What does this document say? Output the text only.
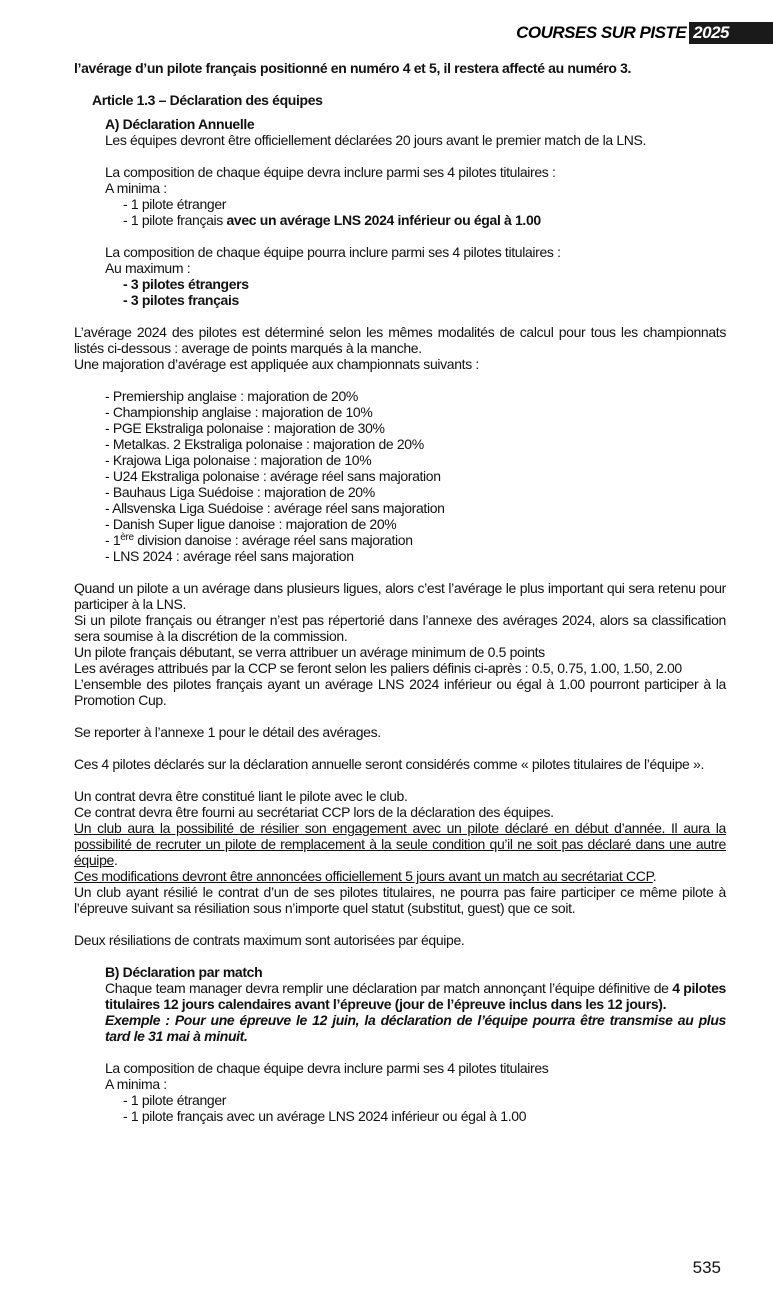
COURSES SUR PISTE 2025

l’avérage d’un pilote français positionné en numéro 4 et 5, il restera affecté au numéro 3.

Article 1.3 – Déclaration des équipes

A) Déclaration Annuelle

Les équipes devront être officiellement déclarées 20 jours avant le premier match de la LNS.

La composition de chaque équipe devra inclure parmi ses 4 pilotes titulaires :

A minima :

- 1 pilote étranger

- 1 pilote français avec un avérage LNS 2024 inférieur ou égal à 1.00

La composition de chaque équipe pourra inclure parmi ses 4 pilotes titulaires :

Au maximum :

- 3 pilotes étrangers

- 3 pilotes français

L’avérage 2024 des pilotes est déterminé selon les mêmes modalités de calcul pour tous les championnats listés ci-dessous : average de points marqués à la manche.

Une majoration d’avérage est appliquée aux championnats suivants :

- Premiership anglaise : majoration de 20%

- Championship anglaise : majoration de 10%

- PGE Ekstraliga polonaise : majoration de 30%

- Metalkas. 2 Ekstraliga polonaise : majoration de 20%

- Krajowa Liga polonaise : majoration de 10%

- U24 Ekstraliga polonaise : avérage réel sans majoration

- Bauhaus Liga Suédoise : majoration de 20%

- Allsvenska Liga Suédoise : avérage réel sans majoration

- Danish Super ligue danoise : majoration de 20%

- 1ère division danoise : avérage réel sans majoration

- LNS 2024 : avérage réel sans majoration

Quand un pilote a un avérage dans plusieurs ligues, alors c’est l’avérage le plus important qui sera retenu pour participer à la LNS.

Si un pilote français ou étranger n’est pas répertorié dans l’annexe des avérages 2024, alors sa classification sera soumise à la discrétion de la commission.

Un pilote français débutant, se verra attribuer un avérage minimum de 0.5 points

Les avérages attribués par la CCP se feront selon les paliers définis ci-après : 0.5, 0.75, 1.00, 1.50, 2.00

L’ensemble des pilotes français ayant un avérage LNS 2024 inférieur ou égal à 1.00 pourront participer à la Promotion Cup.

Se reporter à l’annexe 1 pour le détail des avérages.

Ces 4 pilotes déclarés sur la déclaration annuelle seront considérés comme « pilotes titulaires de l’équipe ».

Un contrat devra être constitué liant le pilote avec le club.

Ce contrat devra être fourni au secrétariat CCP lors de la déclaration des équipes.

Un club aura la possibilité de résilier son engagement avec un pilote déclaré en début d’année. Il aura la possibilité de recruter un pilote de remplacement à la seule condition qu’il ne soit pas déclaré dans une autre équipe.

Ces modifications devront être annoncées officiellement 5 jours avant un match au secrétariat CCP.

Un club ayant résilié le contrat d’un de ses pilotes titulaires, ne pourra pas faire participer ce même pilote à l’épreuve suivant sa résiliation sous n’importe quel statut (substitut, guest) que ce soit.

Deux résiliations de contrats maximum sont autorisées par équipe.

B) Déclaration par match

Chaque team manager devra remplir une déclaration par match annonçant l’équipe définitive de 4 pilotes titulaires 12 jours calendaires avant l’épreuve (jour de l’épreuve inclus dans les 12 jours).

Exemple : Pour une épreuve le 12 juin, la déclaration de l’équipe pourra être transmise au plus tard le 31 mai à minuit.

La composition de chaque équipe devra inclure parmi ses 4 pilotes titulaires

A minima :

- 1 pilote étranger

- 1 pilote français avec un avérage LNS 2024 inférieur ou égal à 1.00

535
